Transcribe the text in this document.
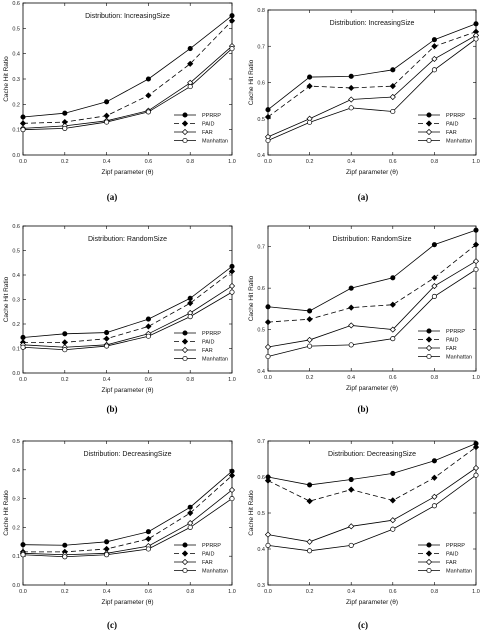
0.0	0.2	0.4	0.6	0.8	1.0
0.0
0.1
0.2
0.3
0.4
0.5
0.6
Zipf parameter (θ)
Cache Hit Ratio
Distribution: IncreasingSize
PPRRP
PAID
FAR
Manhattan
(a)
0.0	0.2	0.4	0.6	0.8	1.0
0.4
0.5
0.6
0.7
0.8
Zipf parameter (θ)
Cache Hit Ratio
Distribution: IncreasingSize
PPRRP
PAID
FAR
Manhattan
(a)
0.0	0.2	0.4	0.6	0.8	1.0
0.0
0.1
0.2
0.3
0.4
0.5
0.6
Zipf parameter (θ)
Cache Hit Ratio
Distribution: RandomSize
PPRRP
PAID
FAR
Manhattan
(b)
0.0	0.2	0.4	0.6	0.8	1.0
0.4
0.5
0.6
0.7
Zipf parameter (θ)
Cache Hit Ratio
Distribution: RandomSize
PPRRP
PAID
FAR
Manhattan
(b)
0.0	0.2	0.4	0.6	0.8	1.0
0.0
0.1
0.2
0.3
0.4
0.5
Zipf parameter (θ)
Cache Hit Ratio
Distribution: DecreasingSize
PPRRP
PAID
FAR
Manhattan
(c)
0.0	0.2	0.4	0.6	0.8	1.0
0.3
0.4
0.5
0.6
0.7
Zipf parameter (θ)
Cache Hit Ratio
Distribution: DecreasingSize
PPRRP
PAID
FAR
Manhattan
(c)
